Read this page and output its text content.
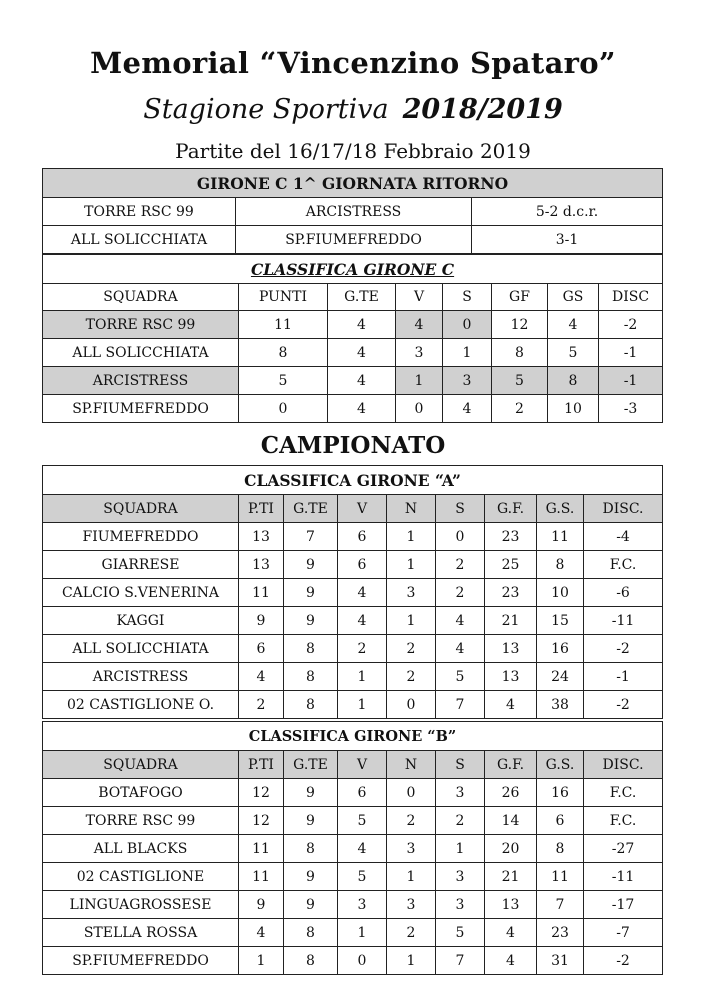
Memorial “Vincenzino Spataro”
Stagione Sportiva 2018/2019
Partite del 16/17/18 Febbraio 2019
GIRONE C 1^ GIORNATA RITORNO		
TORRE RSC 99	ARCISTRESS	5-2 d.c.r.
ALL SOLICCHIATA	SP.FIUMEFREDDO	3-1
CLASSIFICA GIRONE C							
SQUADRA	PUNTI	G.TE	V	S	GF	GS	DISC
TORRE RSC 99	11	4	4	0	12	4	-2
ALL SOLICCHIATA	8	4	3	1	8	5	-1
ARCISTRESS	5	4	1	3	5	8	-1
SP.FIUMEFREDDO	0	4	0	4	2	10	-3
CAMPIONATO
CLASSIFICA GIRONE “A”								
SQUADRA	P.TI	G.TE	V	N	S	G.F.	G.S.	DISC.
FIUMEFREDDO	13	7	6	1	0	23	11	-4
GIARRESE	13	9	6	1	2	25	8	F.C.
CALCIO S.VENERINA	11	9	4	3	2	23	10	-6
KAGGI	9	9	4	1	4	21	15	-11
ALL SOLICCHIATA	6	8	2	2	4	13	16	-2
ARCISTRESS	4	8	1	2	5	13	24	-1
02 CASTIGLIONE O.	2	8	1	0	7	4	38	-2
CLASSIFICA GIRONE “B”								
SQUADRA	P.TI	G.TE	V	N	S	G.F.	G.S.	DISC.
BOTAFOGO	12	9	6	0	3	26	16	F.C.
TORRE RSC 99	12	9	5	2	2	14	6	F.C.
ALL BLACKS	11	8	4	3	1	20	8	-27
02 CASTIGLIONE	11	9	5	1	3	21	11	-11
LINGUAGROSSESE	9	9	3	3	3	13	7	-17
STELLA ROSSA	4	8	1	2	5	4	23	-7
SP.FIUMEFREDDO	1	8	0	1	7	4	31	-2
